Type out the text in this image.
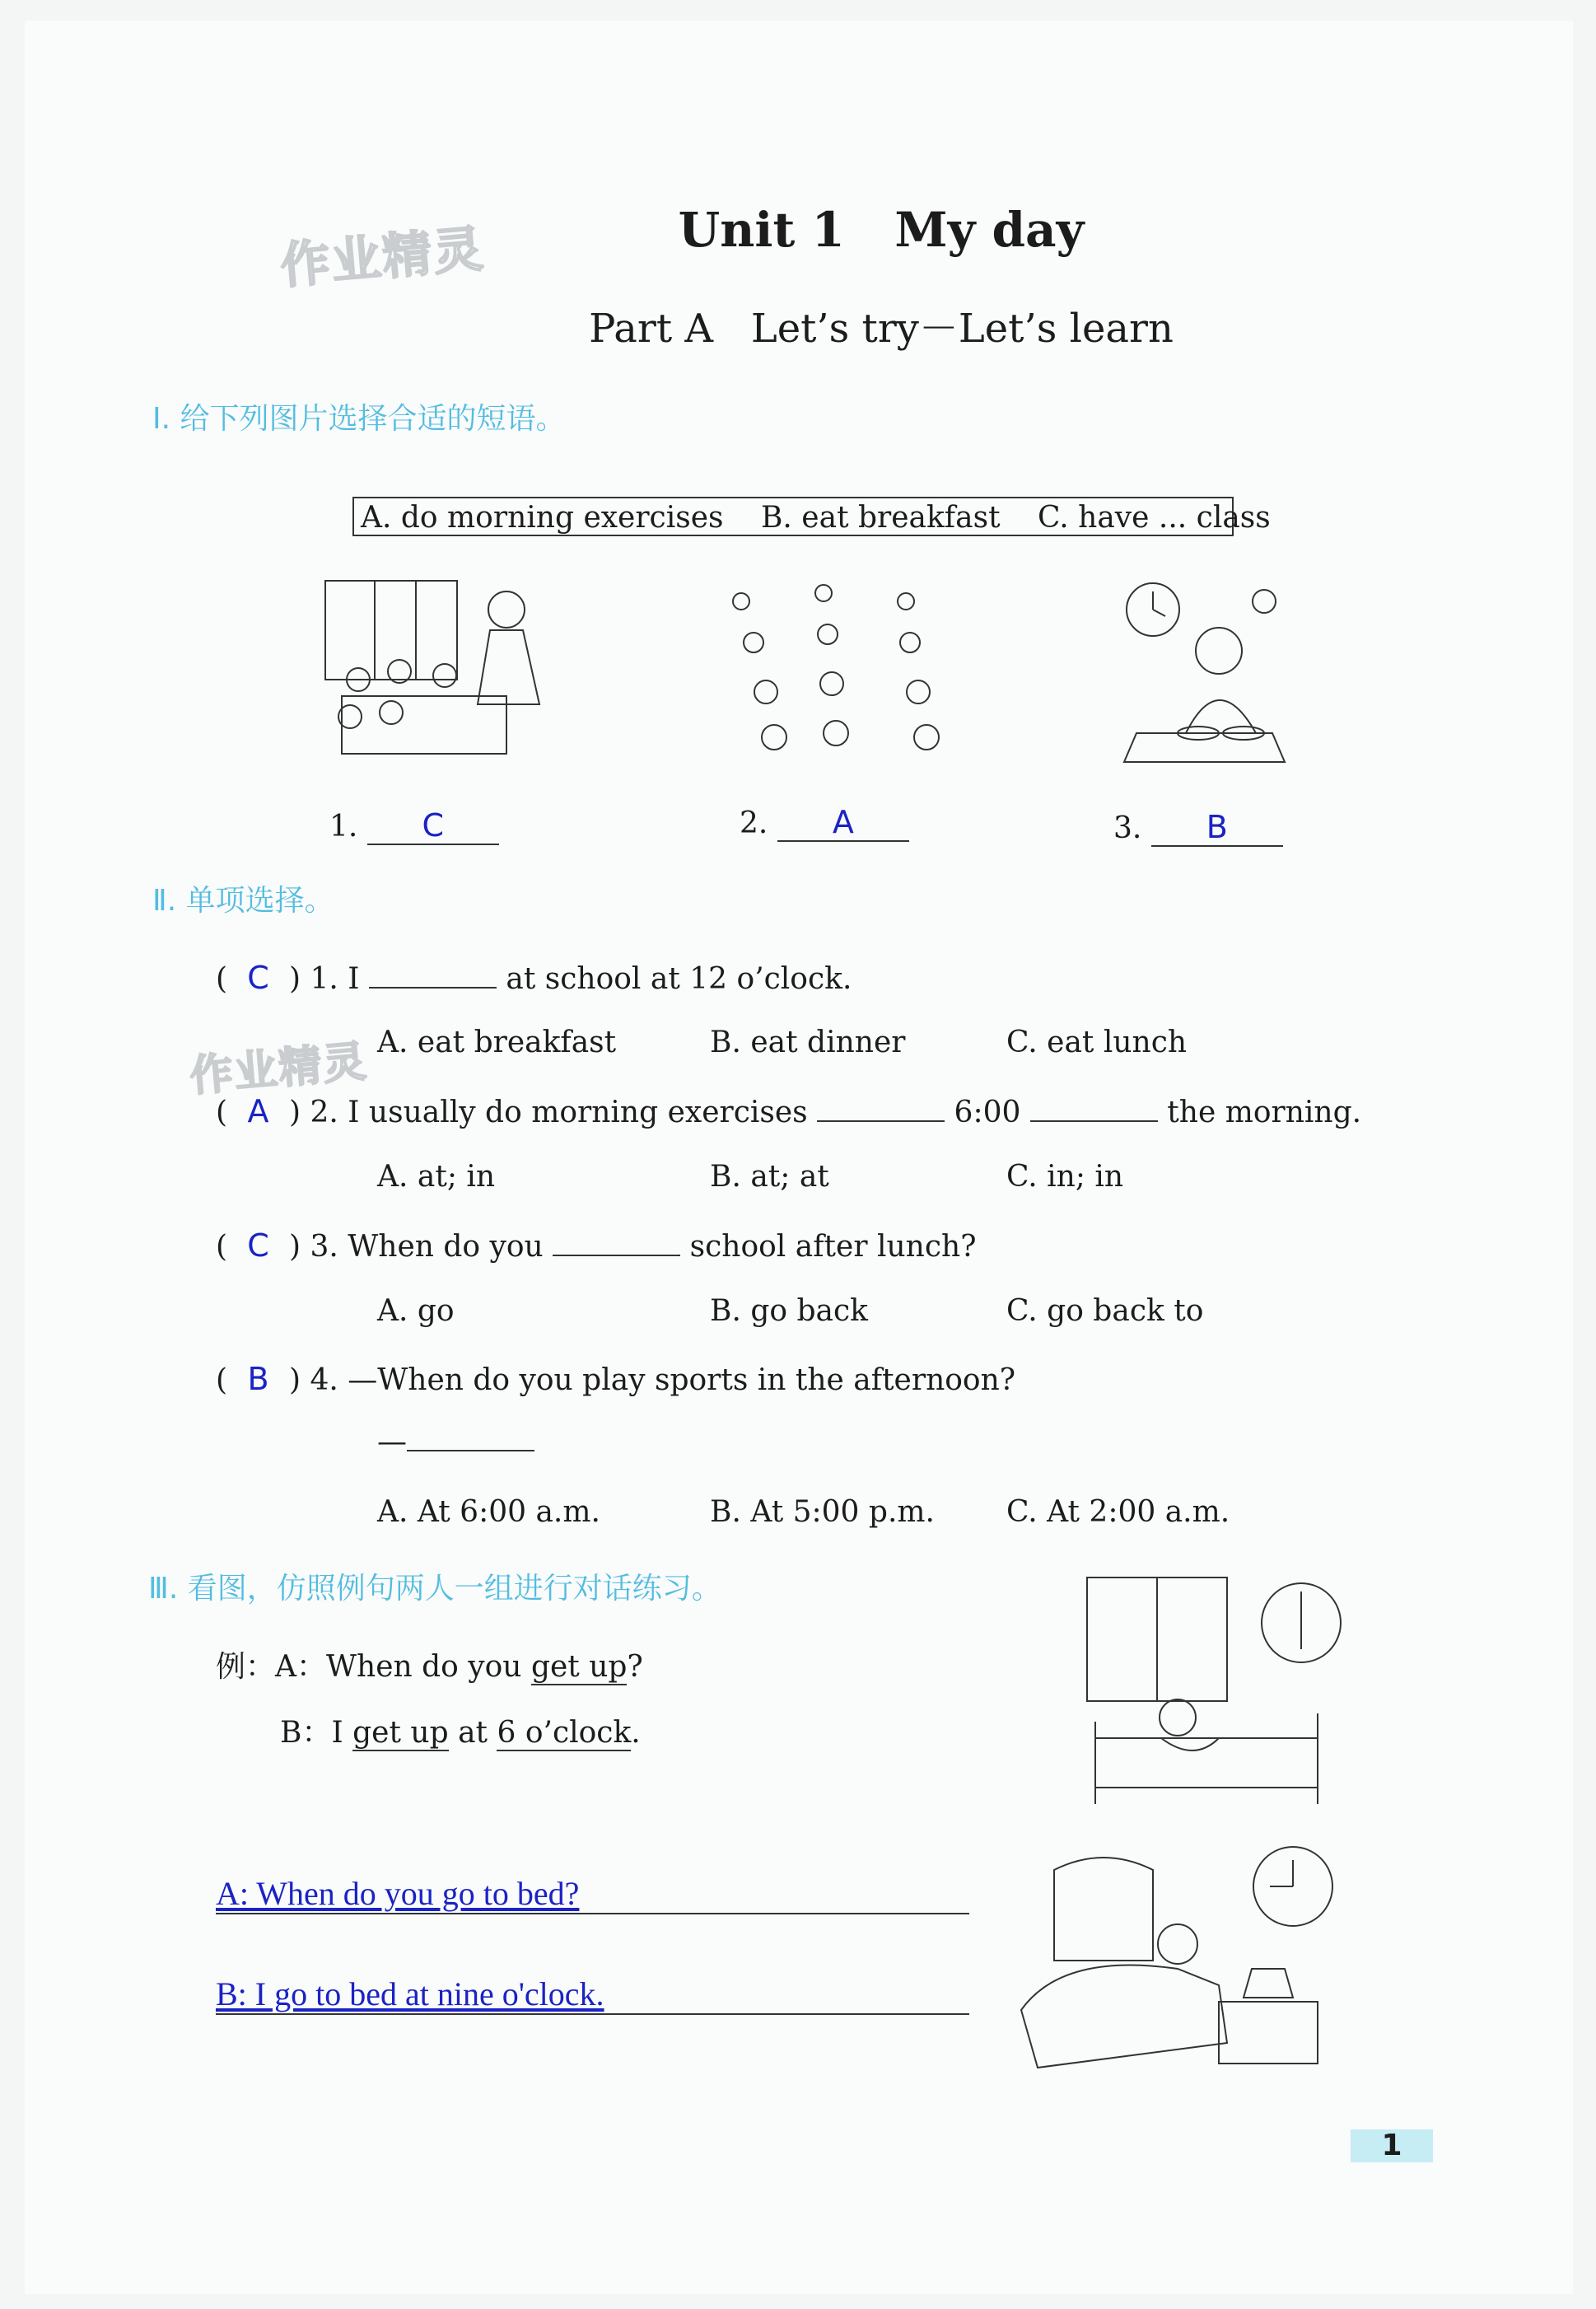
作业精灵
作业精灵
Unit 1   My day
Part A   Let’s try－Let’s learn
Ⅰ. 给下列图片选择合适的短语。
A. do morning exercises B. eat breakfast C. have ... class
1. C	2. A	3. B
Ⅱ. 单项选择。
( C ) 1. I	at school at 12 o’clock.
A. eat breakfast	B. eat dinner	C. eat lunch
( A ) 2. I usually do morning exercises	6:00	the morning.
A. at; in	B. at; at	C. in; in
( C ) 3. When do you	school after lunch?
A. go	B. go back	C. go back to
( B ) 4. —When do you play sports in the afternoon?
—
A. At 6:00 a.m.	B. At 5:00 p.m. C. At 2:00 a.m.
Ⅲ. 看图，仿照例句两人一组进行对话练习。
例：A：When do you get up?
B：I get up at 6 o’clock.
A: When do you go to bed?
B: I go to bed at nine o'clock.
1
